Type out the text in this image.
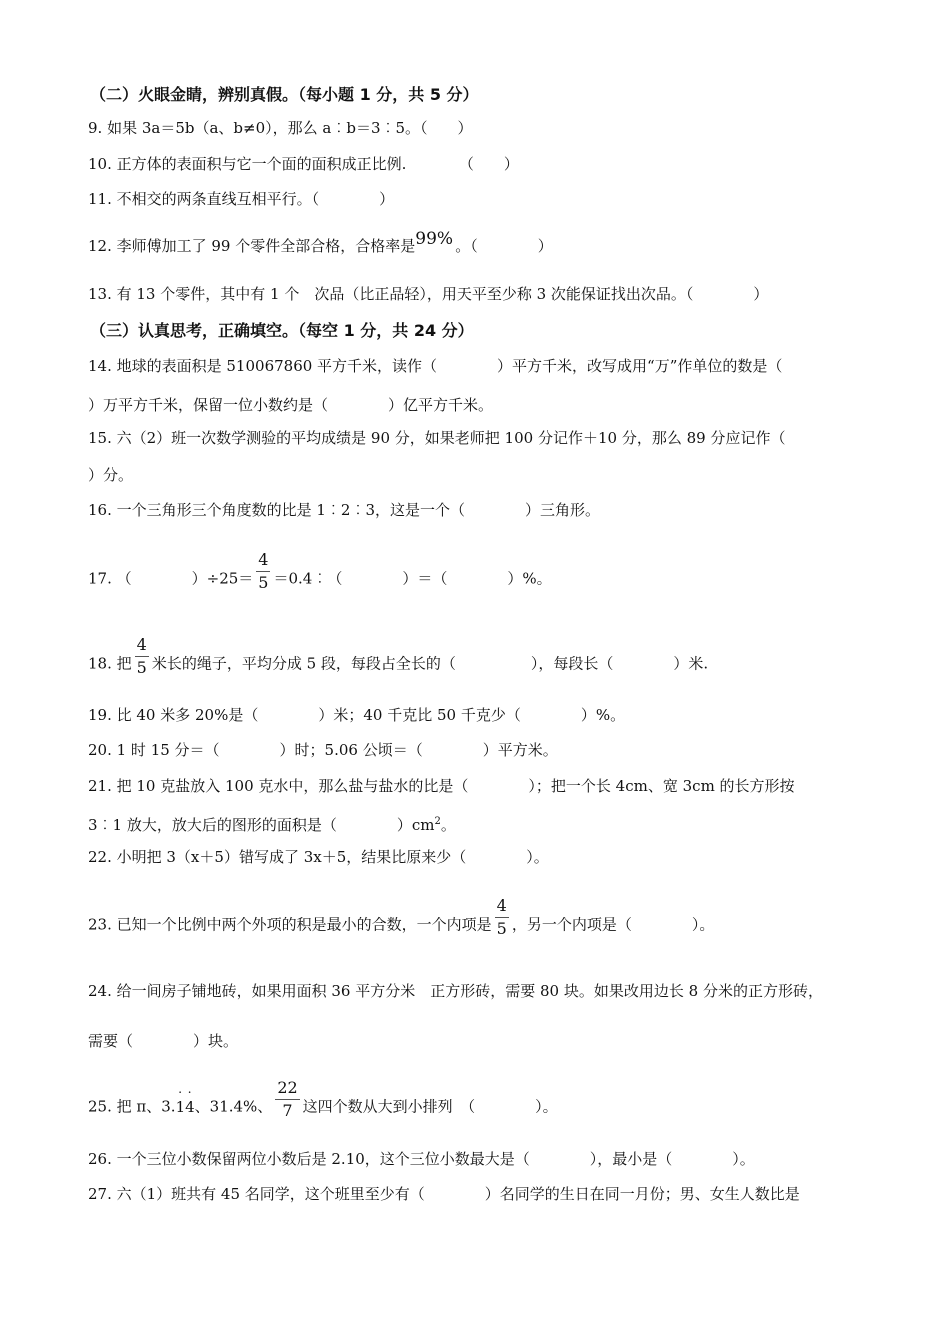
（二）火眼金睛，辨别真假。（每小题 1 分，共 5 分）
9. 如果 3a＝5b（a、b≠0），那么 a︰b＝3︰5。（　　）
10. 正方体的表面积与它一个面的面积成正比例.　　　　（　　）
11. 不相交的两条直线互相平行。（　　　　）
12. 李师傅加工了 99 个零件全部合格，合格率是 99% 。（　　　　）
13. 有 13 个零件，其中有 1 个　次品（比正品轻），用天平至少称 3 次能保证找出次品。（　　　　）
（三）认真思考，正确填空。（每空 1 分，共 24 分）
14. 地球的表面积是 510067860 平方千米，读作（　　　　）平方千米，改写成用“万”作单位的数是（
）万平方千米，保留一位小数约是（　　　　）亿平方千米。
15. 六（2）班一次数学测验的平均成绩是 90 分，如果老师把 100 分记作＋10 分，那么 89 分应记作（
）分。
16. 一个三角形三个角度数的比是 1︰2︰3，这是一个（　　　　）三角形。
17. （　　　　）$\div 25= \frac{4}{5}$ ＝0.4︰（　　　　）＝（　　　　）%。
18. 把 $\frac{4}{5}$ 米长的绳子，平均分成 5 段，每段占全长的（　　　　　），每段长（　　　　）米.
19. 比 40 米多 20%是（　　　　）米；40 千克比 50 千克少（　　　　）%。
20. 1 时 15 分＝（　　　　）时；5.06 公顷＝（　　　　）平方米。
21. 把 10 克盐放入 100 克水中，那么盐与盐水的比是（　　　　）；把一个长 4cm、宽 3cm 的长方形按
3︰1 放大，放大后的图形的面积是（　　　　）$cm^2$。
22. 小明把 3（x＋5）错写成了 3x＋5，结果比原来少（　　　　）。
23. 已知一个比例中两个外项的积是最小的合数，一个内项是 $\frac{4}{5}$ ，另一个内项是（　　　　）。
24. 给一间房子铺地砖，如果用面积 36 平方分米　正方形砖，需要 80 块。如果改用边长 8 分米的正方形砖，
需要（　　　　）块。
25. 把 π、3.˙ 1˙ 4、31.4%、 $\frac{22}{7}$ 这四个数从大到小排列　（　　　　）。
26. 一个三位小数保留两位小数后是 2.10，这个三位小数最大是（　　　　），最小是（　　　　）。
27. 六（1）班共有 45 名同学，这个班里至少有（　　　　）名同学的生日在同一月份；男、女生人数比是
